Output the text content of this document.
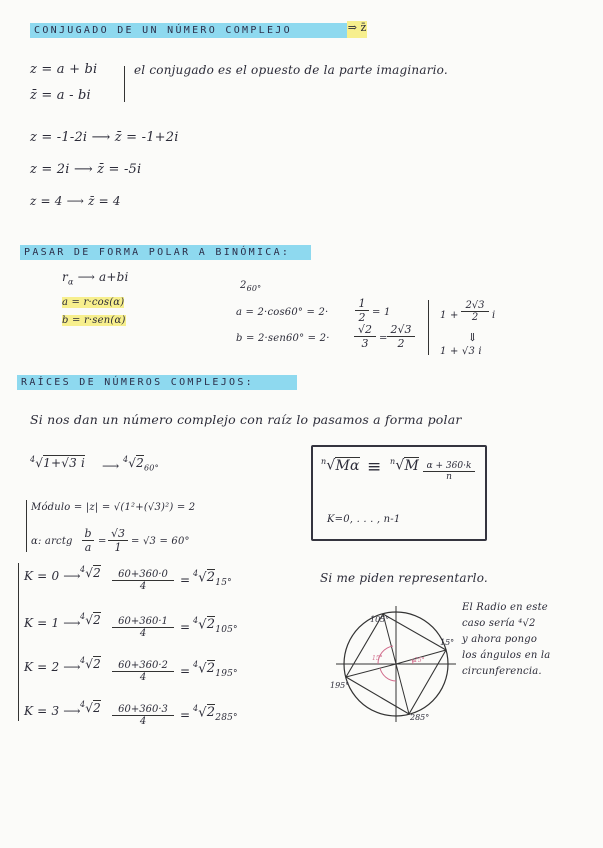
CONJUGADO DE UN NÚMERO COMPLEJO	⇒ z̄
z = a + bi
z̄ = a - bi
el conjugado es el opuesto de la parte imaginario.
z = -1-2i ⟶ z̄ = -1+2i
z = 2i ⟶ z̄ = -5i
z = 4 ⟶ z̄ = 4
PASAR DE FORMA POLAR A BINÓMICA:
$r_\alpha$ ⟶ a+bi
a = r·cos(α)
b = r·sen(α)
$2_{60^\circ}$
$a = 2\cdot\cos 60^\circ = 2\cdot \frac{1}{2} = 1$
$b = 2\cdot sen60^\circ = 2\cdot \frac{√2}{3} = \frac{2√3}{2}$
$1 + \frac{2√3}{2}$ i
⇓
1 + √3 i
RAÍCES DE NÚMEROS COMPLEJOS:
Si nos dan un número complejo con raíz lo pasamos a forma polar
$^4$√1+√3 i ⟶ $^4√2_{60^\circ}$
Módulo = |z| = √(1²+(√3)²) = 2
α: arctg $\frac{b}{a} = \frac{√3}{1} = √3 = 60^\circ$
$^n√M\alpha \equiv ^n√M \frac{\alpha + 360\cdot k}{n}$
K=0, . . . , n-1
K = 0 ⟶ $^4√2 \frac{60+360\cdot 0}{4} = ^4√2_{15^\circ}$
K = 1 ⟶ $^4√2 \frac{60+360\cdot 1}{4} = ^4√2_{105^\circ}$
K = 2 ⟶ $^4√2 \frac{60+360\cdot 2}{4} = ^4√2_{195^\circ}$
K = 3 ⟶ $^4√2 \frac{60+360\cdot 3}{4} = ^4√2_{285^\circ}$
Si me piden representarlo.
105°
15°
195°
285°
15°
15°
El Radio en este
caso sería ⁴√2
y ahora pongo
los ángulos en la
circunferencia.
